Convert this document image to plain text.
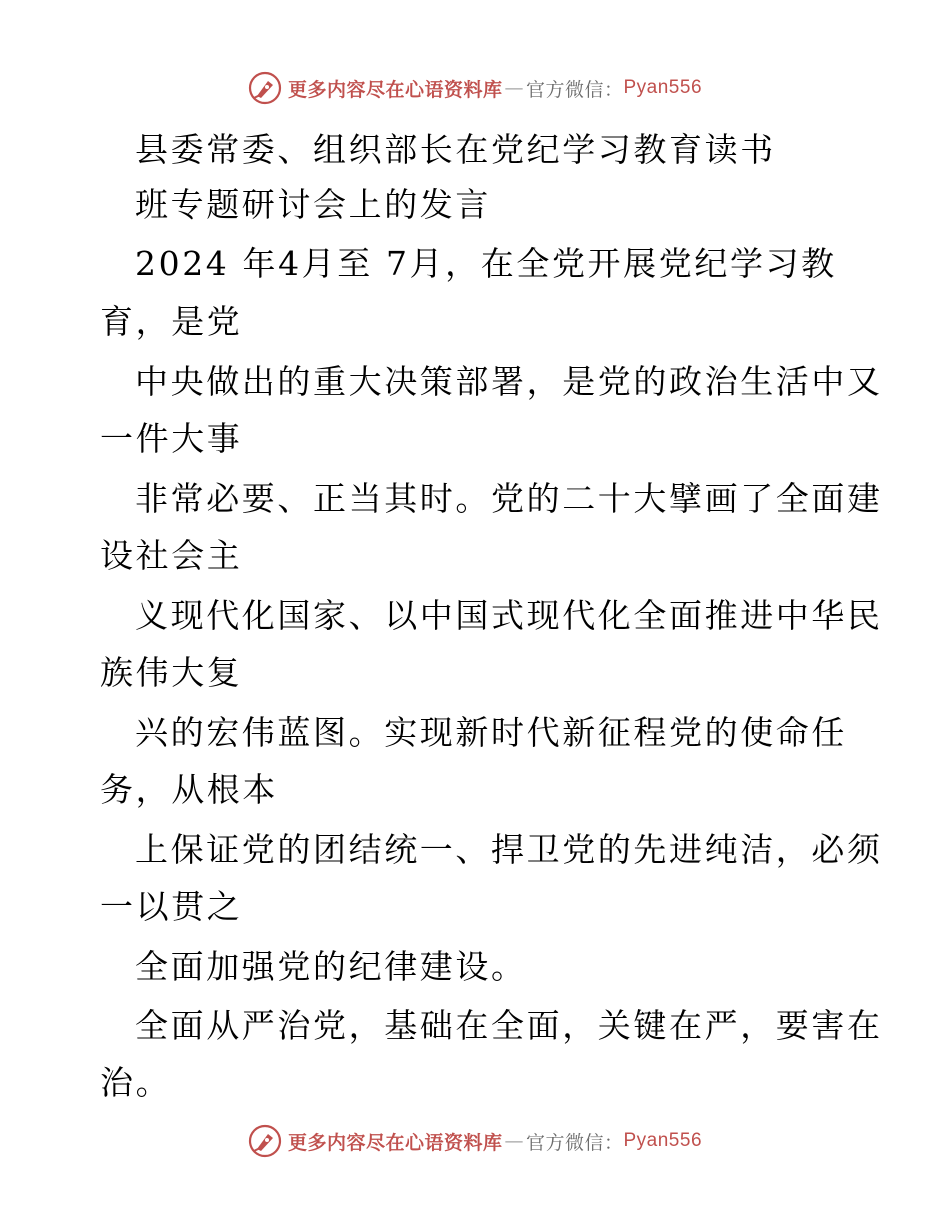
更多内容尽在心语资料库 — 官方微信： Pyan556
县委常委、组织部长在党纪学习教育读书
班专题研讨会上的发言
2024 年4月至 7月，在全党开展党纪学习教
育，是党
中央做出的重大决策部署，是党的政治生活中又
一件大事
非常必要、正当其时。党的二十大擘画了全面建
设社会主
义现代化国家、以中国式现代化全面推进中华民
族伟大复
兴的宏伟蓝图。实现新时代新征程党的使命任
务，从根本
上保证党的团结统一、捍卫党的先进纯洁，必须
一以贯之
全面加强党的纪律建设。
全面从严治党，基础在全面，关键在严，要害在
治。
更多内容尽在心语资料库 — 官方微信： Pyan556
